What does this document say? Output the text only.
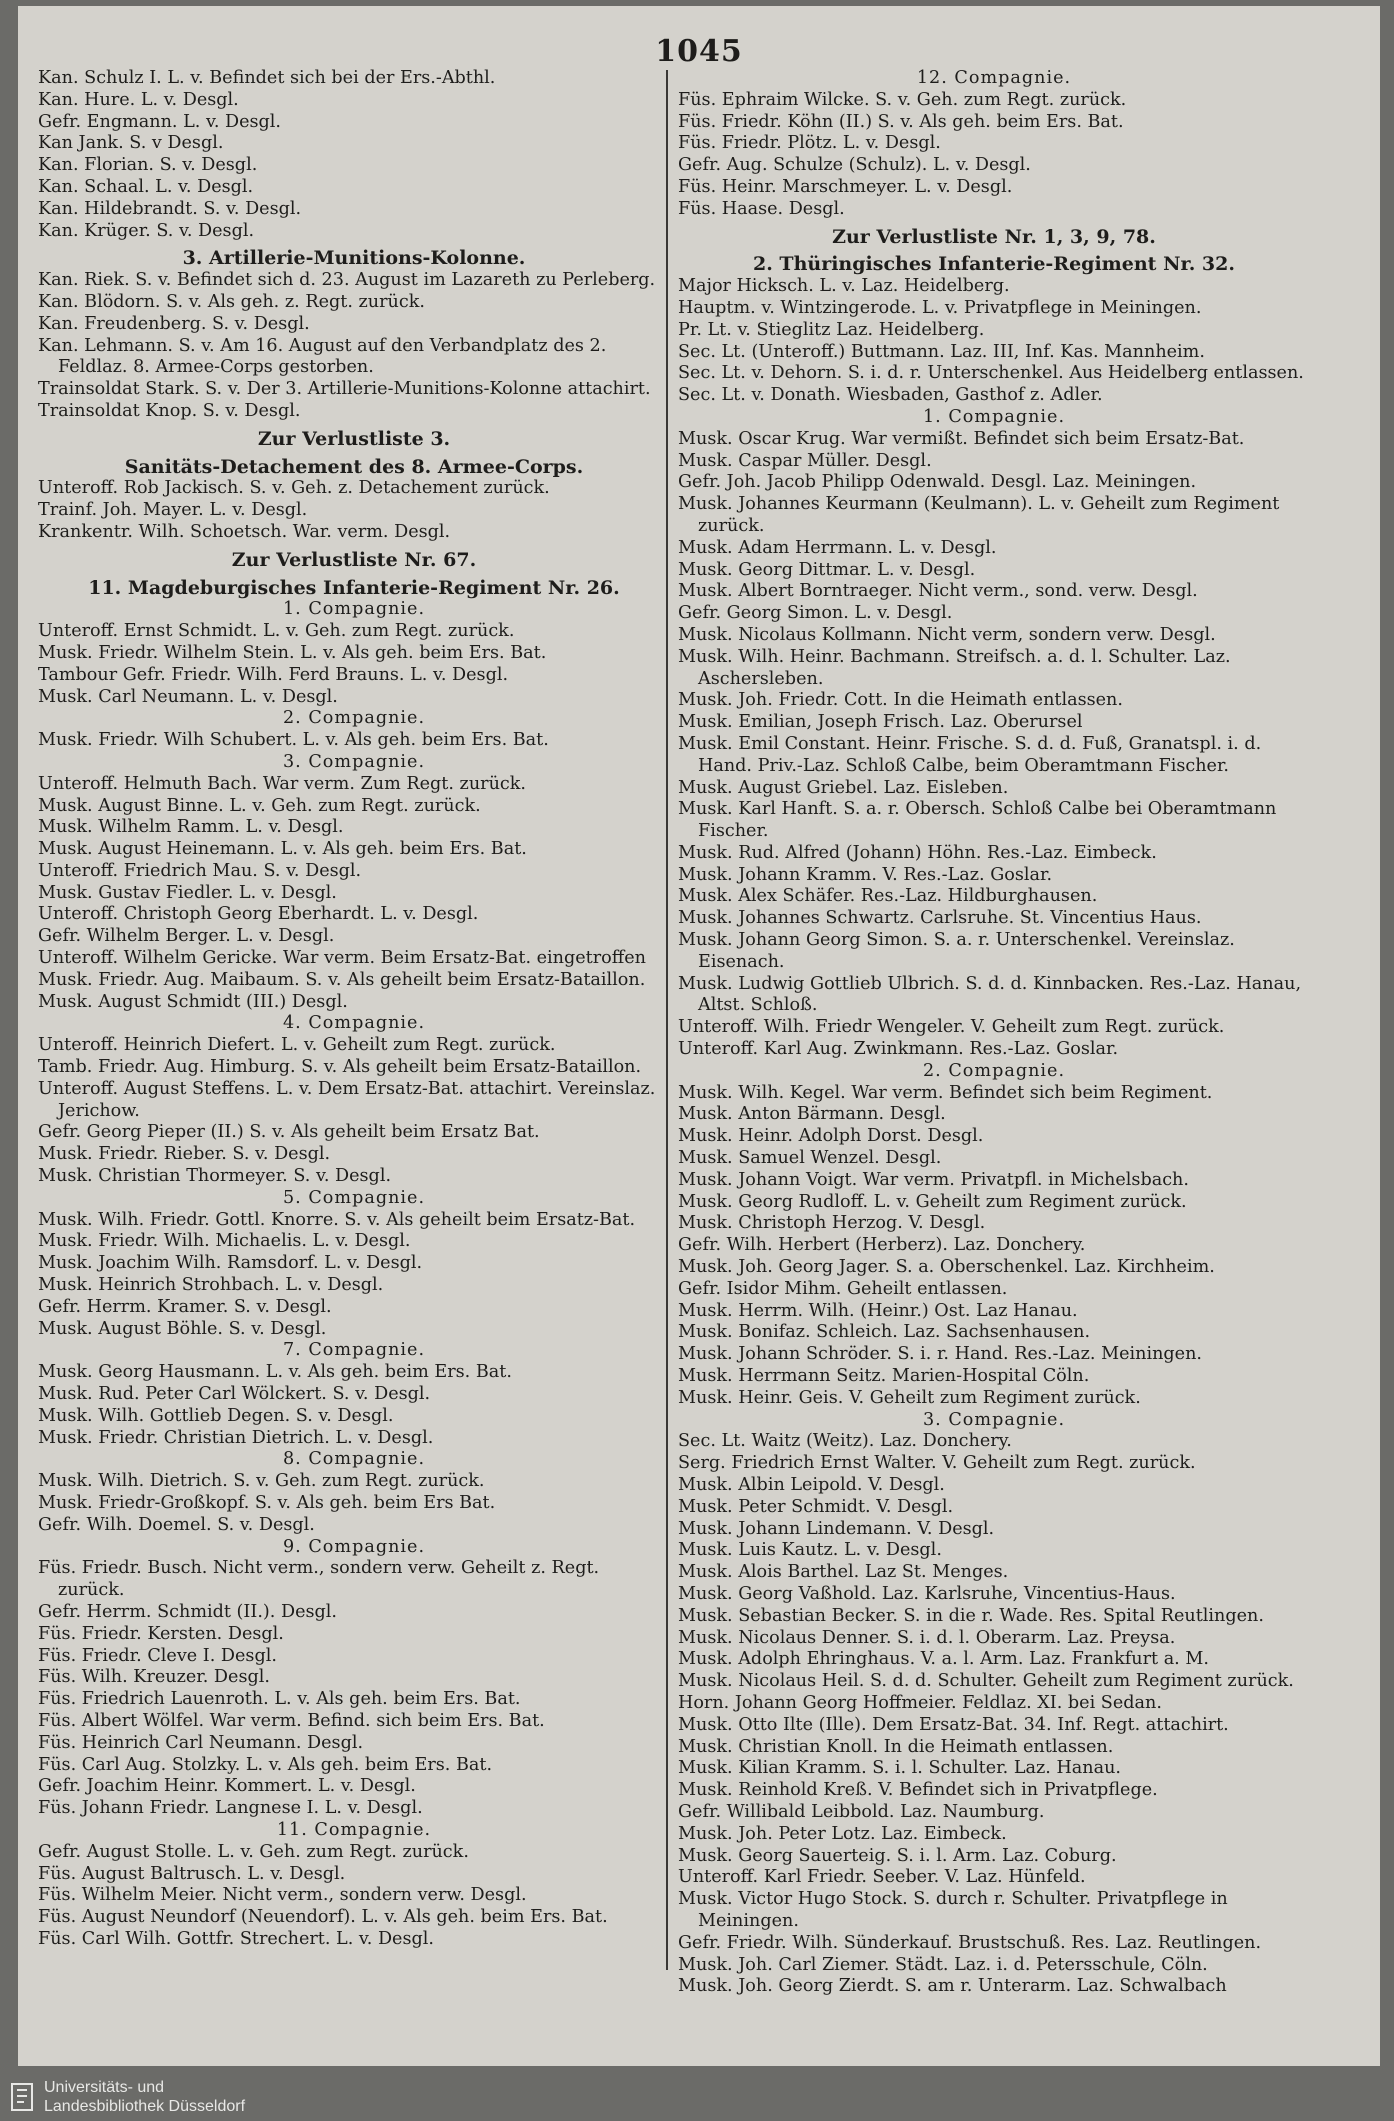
1045
Kan. Schulz I. L. v. Befindet sich bei der Ers.-Abthl.
Kan. Hure. L. v. Desgl.
Gefr. Engmann. L. v. Desgl.
Kan Jank. S. v Desgl.
Kan. Florian. S. v. Desgl.
Kan. Schaal. L. v. Desgl.
Kan. Hildebrandt. S. v. Desgl.
Kan. Krüger. S. v. Desgl.
3. Artillerie-Munitions-Kolonne.
Kan. Riek. S. v. Befindet sich d. 23. August im Lazareth zu Perleberg.
Kan. Blödorn. S. v. Als geh. z. Regt. zurück.
Kan. Freudenberg. S. v. Desgl.
Kan. Lehmann. S. v. Am 16. August auf den Verbandplatz des 2. Feldlaz. 8. Armee-Corps gestorben.
Trainsoldat Stark. S. v. Der 3. Artillerie-Munitions-Kolonne attachirt.
Trainsoldat Knop. S. v. Desgl.
Zur Verlustliste 3.
Sanitäts-Detachement des 8. Armee-Corps.
Unteroff. Rob Jackisch. S. v. Geh. z. Detachement zurück.
Trainf. Joh. Mayer. L. v. Desgl.
Krankentr. Wilh. Schoetsch. War. verm. Desgl.
Zur Verlustliste Nr. 67.
11. Magdeburgisches Infanterie-Regiment Nr. 26.
1. Compagnie.
Unteroff. Ernst Schmidt. L. v. Geh. zum Regt. zurück.
Musk. Friedr. Wilhelm Stein. L. v. Als geh. beim Ers. Bat.
Tambour Gefr. Friedr. Wilh. Ferd Brauns. L. v. Desgl.
Musk. Carl Neumann. L. v. Desgl.
2. Compagnie.
Musk. Friedr. Wilh Schubert. L. v. Als geh. beim Ers. Bat.
3. Compagnie.
Unteroff. Helmuth Bach. War verm. Zum Regt. zurück.
Musk. August Binne. L. v. Geh. zum Regt. zurück.
Musk. Wilhelm Ramm. L. v. Desgl.
Musk. August Heinemann. L. v. Als geh. beim Ers. Bat.
Unteroff. Friedrich Mau. S. v. Desgl.
Musk. Gustav Fiedler. L. v. Desgl.
Unteroff. Christoph Georg Eberhardt. L. v. Desgl.
Gefr. Wilhelm Berger. L. v. Desgl.
Unteroff. Wilhelm Gericke. War verm. Beim Ersatz-Bat. eingetroffen
Musk. Friedr. Aug. Maibaum. S. v. Als geheilt beim Ersatz-Bataillon.
Musk. August Schmidt (III.) Desgl.
4. Compagnie.
Unteroff. Heinrich Diefert. L. v. Geheilt zum Regt. zurück.
Tamb. Friedr. Aug. Himburg. S. v. Als geheilt beim Ersatz-Bataillon.
Unteroff. August Steffens. L. v. Dem Ersatz-Bat. attachirt. Vereinslaz. Jerichow.
Gefr. Georg Pieper (II.) S. v. Als geheilt beim Ersatz Bat.
Musk. Friedr. Rieber. S. v. Desgl.
Musk. Christian Thormeyer. S. v. Desgl.
5. Compagnie.
Musk. Wilh. Friedr. Gottl. Knorre. S. v. Als geheilt beim Ersatz-Bat.
Musk. Friedr. Wilh. Michaelis. L. v. Desgl.
Musk. Joachim Wilh. Ramsdorf. L. v. Desgl.
Musk. Heinrich Strohbach. L. v. Desgl.
Gefr. Herrm. Kramer. S. v. Desgl.
Musk. August Böhle. S. v. Desgl.
7. Compagnie.
Musk. Georg Hausmann. L. v. Als geh. beim Ers. Bat.
Musk. Rud. Peter Carl Wölckert. S. v. Desgl.
Musk. Wilh. Gottlieb Degen. S. v. Desgl.
Musk. Friedr. Christian Dietrich. L. v. Desgl.
8. Compagnie.
Musk. Wilh. Dietrich. S. v. Geh. zum Regt. zurück.
Musk. Friedr-Großkopf. S. v. Als geh. beim Ers Bat.
Gefr. Wilh. Doemel. S. v. Desgl.
9. Compagnie.
Füs. Friedr. Busch. Nicht verm., sondern verw. Geheilt z. Regt. zurück.
Gefr. Herrm. Schmidt (II.). Desgl.
Füs. Friedr. Kersten. Desgl.
Füs. Friedr. Cleve I. Desgl.
Füs. Wilh. Kreuzer. Desgl.
Füs. Friedrich Lauenroth. L. v. Als geh. beim Ers. Bat.
Füs. Albert Wölfel. War verm. Befind. sich beim Ers. Bat.
Füs. Heinrich Carl Neumann. Desgl.
Füs. Carl Aug. Stolzky. L. v. Als geh. beim Ers. Bat.
Gefr. Joachim Heinr. Kommert. L. v. Desgl.
Füs. Johann Friedr. Langnese I. L. v. Desgl.
11. Compagnie.
Gefr. August Stolle. L. v. Geh. zum Regt. zurück.
Füs. August Baltrusch. L. v. Desgl.
Füs. Wilhelm Meier. Nicht verm., sondern verw. Desgl.
Füs. August Neundorf (Neuendorf). L. v. Als geh. beim Ers. Bat.
Füs. Carl Wilh. Gottfr. Strechert. L. v. Desgl.
12. Compagnie.
Füs. Ephraim Wilcke. S. v. Geh. zum Regt. zurück.
Füs. Friedr. Köhn (II.) S. v. Als geh. beim Ers. Bat.
Füs. Friedr. Plötz. L. v. Desgl.
Gefr. Aug. Schulze (Schulz). L. v. Desgl.
Füs. Heinr. Marschmeyer. L. v. Desgl.
Füs. Haase. Desgl.
Zur Verlustliste Nr. 1, 3, 9, 78.
2. Thüringisches Infanterie-Regiment Nr. 32.
Major Hicksch. L. v. Laz. Heidelberg.
Hauptm. v. Wintzingerode. L. v. Privatpflege in Meiningen.
Pr. Lt. v. Stieglitz Laz. Heidelberg.
Sec. Lt. (Unteroff.) Buttmann. Laz. III, Inf. Kas. Mannheim.
Sec. Lt. v. Dehorn. S. i. d. r. Unterschenkel. Aus Heidelberg entlassen.
Sec. Lt. v. Donath. Wiesbaden, Gasthof z. Adler.
1. Compagnie.
Musk. Oscar Krug. War vermißt. Befindet sich beim Ersatz-Bat.
Musk. Caspar Müller. Desgl.
Gefr. Joh. Jacob Philipp Odenwald. Desgl. Laz. Meiningen.
Musk. Johannes Keurmann (Keulmann). L. v. Geheilt zum Regiment zurück.
Musk. Adam Herrmann. L. v. Desgl.
Musk. Georg Dittmar. L. v. Desgl.
Musk. Albert Borntraeger. Nicht verm., sond. verw. Desgl.
Gefr. Georg Simon. L. v. Desgl.
Musk. Nicolaus Kollmann. Nicht verm, sondern verw. Desgl.
Musk. Wilh. Heinr. Bachmann. Streifsch. a. d. l. Schulter. Laz. Aschersleben.
Musk. Joh. Friedr. Cott. In die Heimath entlassen.
Musk. Emilian, Joseph Frisch. Laz. Oberursel
Musk. Emil Constant. Heinr. Frische. S. d. d. Fuß, Granatspl. i. d. Hand. Priv.-Laz. Schloß Calbe, beim Oberamtmann Fischer.
Musk. August Griebel. Laz. Eisleben.
Musk. Karl Hanft. S. a. r. Obersch. Schloß Calbe bei Oberamtmann Fischer.
Musk. Rud. Alfred (Johann) Höhn. Res.-Laz. Eimbeck.
Musk. Johann Kramm. V. Res.-Laz. Goslar.
Musk. Alex Schäfer. Res.-Laz. Hildburghausen.
Musk. Johannes Schwartz. Carlsruhe. St. Vincentius Haus.
Musk. Johann Georg Simon. S. a. r. Unterschenkel. Vereinslaz. Eisenach.
Musk. Ludwig Gottlieb Ulbrich. S. d. d. Kinnbacken. Res.-Laz. Hanau, Altst. Schloß.
Unteroff. Wilh. Friedr Wengeler. V. Geheilt zum Regt. zurück.
Unteroff. Karl Aug. Zwinkmann. Res.-Laz. Goslar.
2. Compagnie.
Musk. Wilh. Kegel. War verm. Befindet sich beim Regiment.
Musk. Anton Bärmann. Desgl.
Musk. Heinr. Adolph Dorst. Desgl.
Musk. Samuel Wenzel. Desgl.
Musk. Johann Voigt. War verm. Privatpfl. in Michelsbach.
Musk. Georg Rudloff. L. v. Geheilt zum Regiment zurück.
Musk. Christoph Herzog. V. Desgl.
Gefr. Wilh. Herbert (Herberz). Laz. Donchery.
Musk. Joh. Georg Jager. S. a. Oberschenkel. Laz. Kirchheim.
Gefr. Isidor Mihm. Geheilt entlassen.
Musk. Herrm. Wilh. (Heinr.) Ost. Laz Hanau.
Musk. Bonifaz. Schleich. Laz. Sachsenhausen.
Musk. Johann Schröder. S. i. r. Hand. Res.-Laz. Meiningen.
Musk. Herrmann Seitz. Marien-Hospital Cöln.
Musk. Heinr. Geis. V. Geheilt zum Regiment zurück.
3. Compagnie.
Sec. Lt. Waitz (Weitz). Laz. Donchery.
Serg. Friedrich Ernst Walter. V. Geheilt zum Regt. zurück.
Musk. Albin Leipold. V. Desgl.
Musk. Peter Schmidt. V. Desgl.
Musk. Johann Lindemann. V. Desgl.
Musk. Luis Kautz. L. v. Desgl.
Musk. Alois Barthel. Laz St. Menges.
Musk. Georg Vaßhold. Laz. Karlsruhe, Vincentius-Haus.
Musk. Sebastian Becker. S. in die r. Wade. Res. Spital Reutlingen.
Musk. Nicolaus Denner. S. i. d. l. Oberarm. Laz. Preysa.
Musk. Adolph Ehringhaus. V. a. l. Arm. Laz. Frankfurt a. M.
Musk. Nicolaus Heil. S. d. d. Schulter. Geheilt zum Regiment zurück.
Horn. Johann Georg Hoffmeier. Feldlaz. XI. bei Sedan.
Musk. Otto Ilte (Ille). Dem Ersatz-Bat. 34. Inf. Regt. attachirt.
Musk. Christian Knoll. In die Heimath entlassen.
Musk. Kilian Kramm. S. i. l. Schulter. Laz. Hanau.
Musk. Reinhold Kreß. V. Befindet sich in Privatpflege.
Gefr. Willibald Leibbold. Laz. Naumburg.
Musk. Joh. Peter Lotz. Laz. Eimbeck.
Musk. Georg Sauerteig. S. i. l. Arm. Laz. Coburg.
Unteroff. Karl Friedr. Seeber. V. Laz. Hünfeld.
Musk. Victor Hugo Stock. S. durch r. Schulter. Privatpflege in Meiningen.
Gefr. Friedr. Wilh. Sünderkauf. Brustschuß. Res. Laz. Reutlingen.
Musk. Joh. Carl Ziemer. Städt. Laz. i. d. Petersschule, Cöln.
Musk. Joh. Georg Zierdt. S. am r. Unterarm. Laz. Schwalbach
Universitäts- und
Landesbibliothek Düsseldorf
